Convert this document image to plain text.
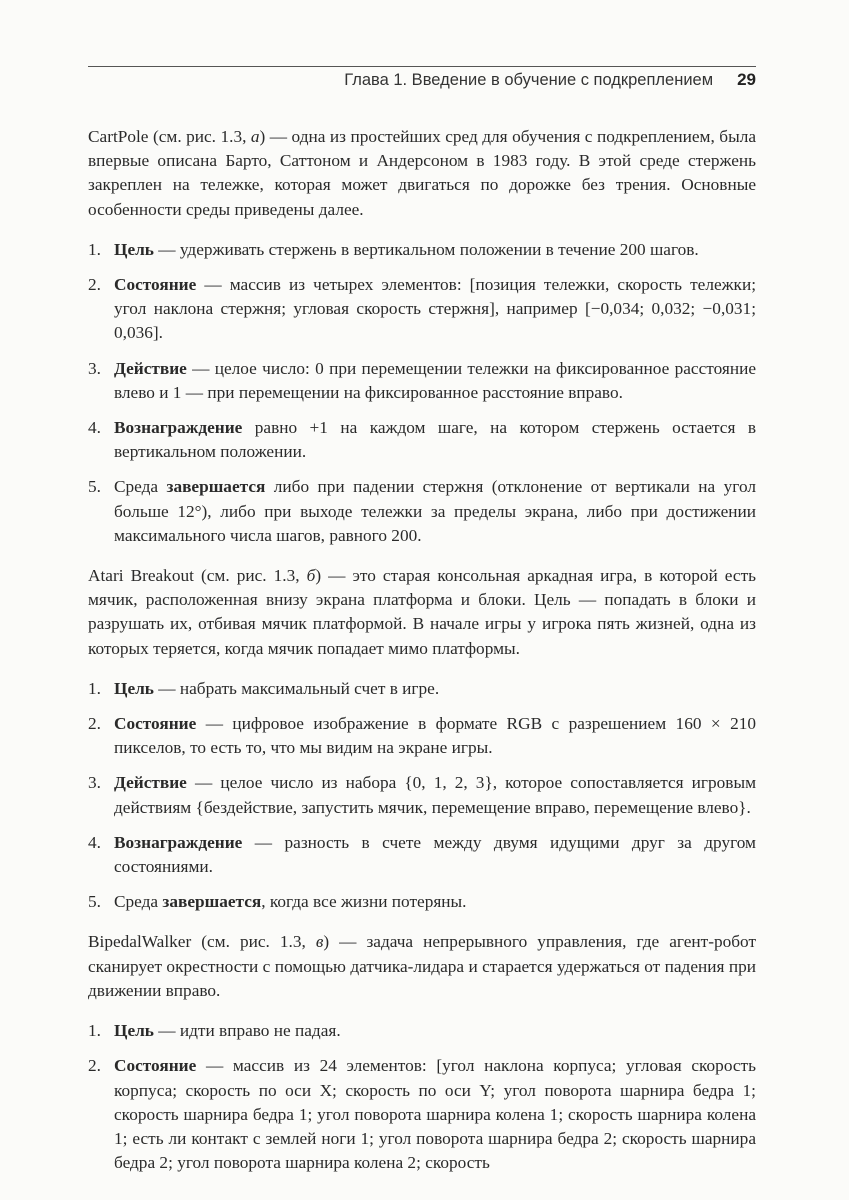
Глава 1. Введение в обучение с подкреплением 29

CartPole (см. рис. 1.3, а) — одна из простейших сред для обучения с подкреплением, была впервые описана Барто, Саттоном и Андерсоном в 1983 году. В этой среде стержень закреплен на тележке, которая может двигаться по дорожке без трения. Основные особенности среды приведены далее.

1. Цель — удерживать стержень в вертикальном положении в течение 200 шагов.

2. Состояние — массив из четырех элементов: [позиция тележки, скорость тележки; угол наклона стержня; угловая скорость стержня], например [−0,034; 0,032; −0,031; 0,036].

3. Действие — целое число: 0 при перемещении тележки на фиксированное расстояние влево и 1 — при перемещении на фиксированное расстояние вправо.

4. Вознаграждение равно +1 на каждом шаге, на котором стержень остается в вертикальном положении.

5. Среда завершается либо при падении стержня (отклонение от вертикали на угол больше 12°), либо при выходе тележки за пределы экрана, либо при достижении максимального числа шагов, равного 200.

Atari Breakout (см. рис. 1.3, б) — это старая консольная аркадная игра, в которой есть мячик, расположенная внизу экрана платформа и блоки. Цель — попадать в блоки и разрушать их, отбивая мячик платформой. В начале игры у игрока пять жизней, одна из которых теряется, когда мячик попадает мимо платформы.

1. Цель — набрать максимальный счет в игре.

2. Состояние — цифровое изображение в формате RGB с разрешением 160 × 210 пикселов, то есть то, что мы видим на экране игры.

3. Действие — целое число из набора {0, 1, 2, 3}, которое сопоставляется игровым действиям {бездействие, запустить мячик, перемещение вправо, перемещение влево}.

4. Вознаграждение — разность в счете между двумя идущими друг за другом состояниями.

5. Среда завершается, когда все жизни потеряны.

BipedalWalker (см. рис. 1.3, в) — задача непрерывного управления, где агент-робот сканирует окрестности с помощью датчика-лидара и старается удержаться от падения при движении вправо.

1. Цель — идти вправо не падая.

2. Состояние — массив из 24 элементов: [угол наклона корпуса; угловая скорость корпуса; скорость по оси X; скорость по оси Y; угол поворота шарнира бедра 1; скорость шарнира бедра 1; угол поворота шарнира колена 1; скорость шарнира колена 1; есть ли контакт с землей ноги 1; угол поворота шарнира бедра 2; скорость шарнира бедра 2; угол поворота шарнира колена 2; скорость
